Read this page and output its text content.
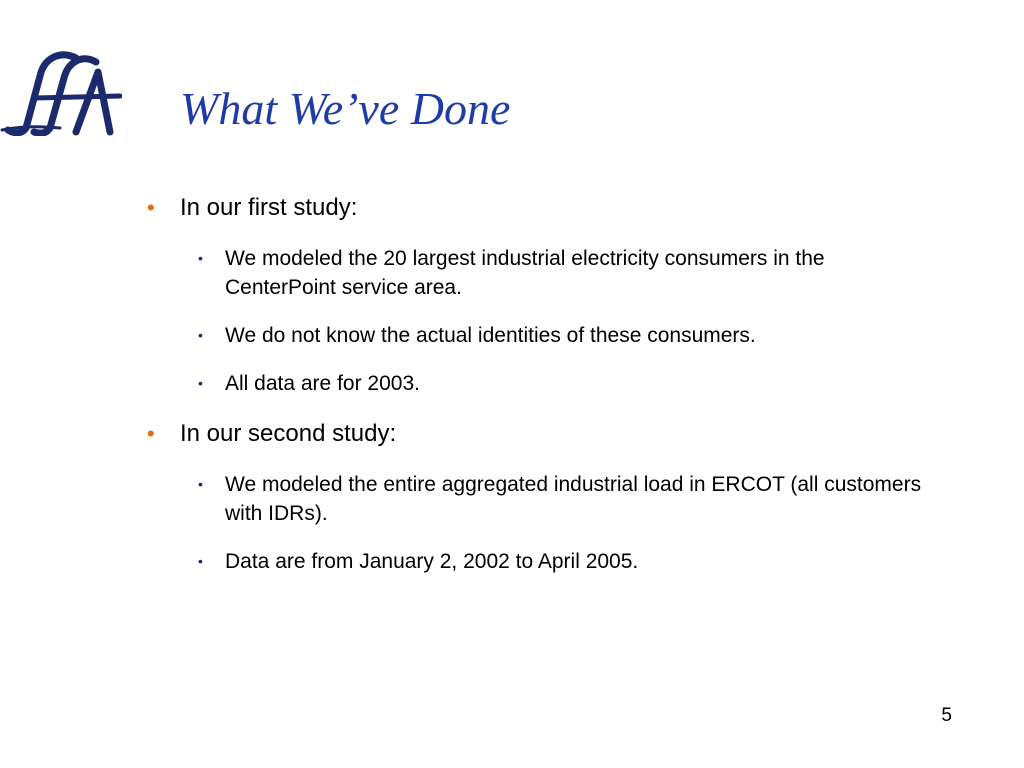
What We’ve Done
• In our first study:
• We modeled the 20 largest industrial electricity consumers in the CenterPoint service area.
• We do not know the actual identities of these consumers.
• All data are for 2003.
• In our second study:
• We modeled the entire aggregated industrial load in ERCOT (all customers with IDRs).
• Data are from January 2, 2002 to April 2005.
5
